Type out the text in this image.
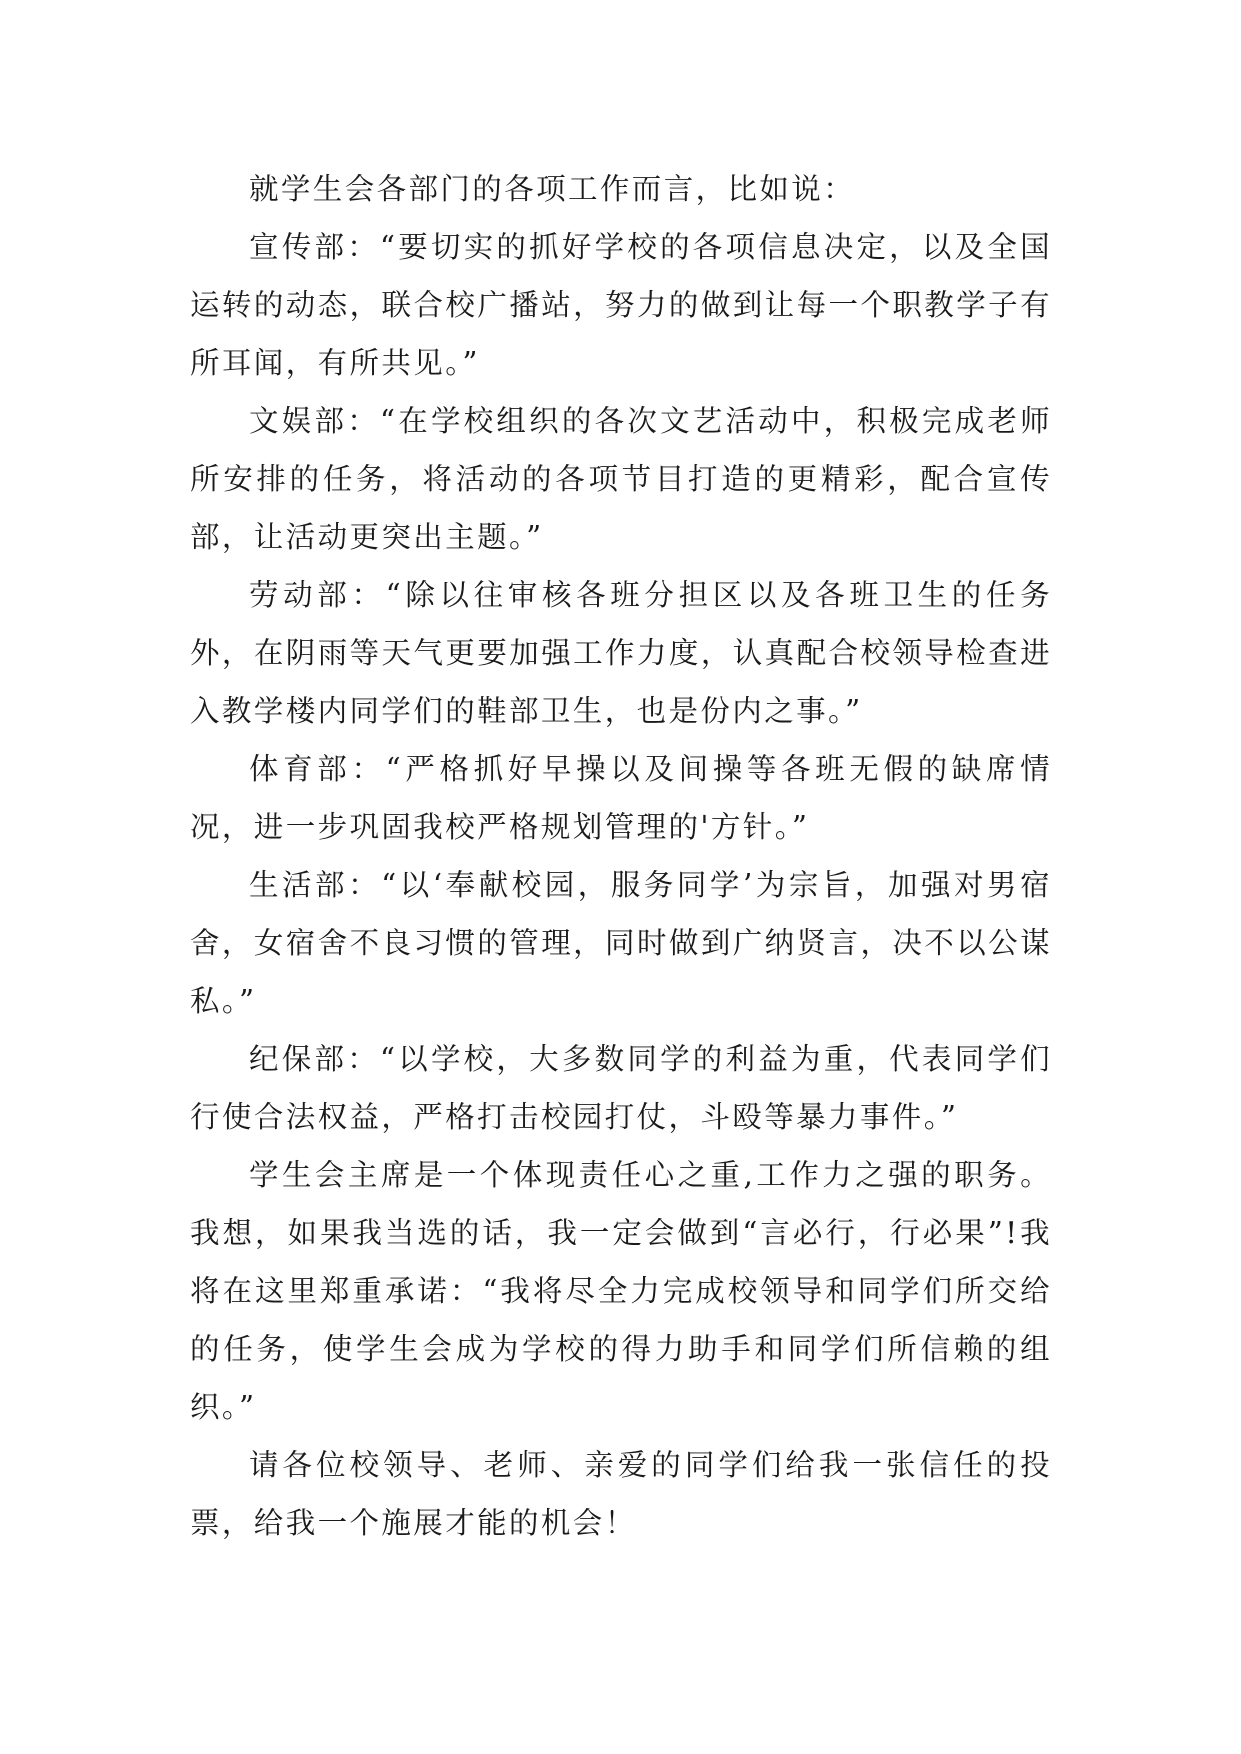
就学生会各部门的各项工作而言，比如说：

宣传部：“要切实的抓好学校的各项信息决定，以及全国运转的动态，联合校广播站，努力的做到让每一个职教学子有所耳闻，有所共见。”

文娱部：“在学校组织的各次文艺活动中，积极完成老师所安排的任务，将活动的各项节目打造的更精彩，配合宣传部，让活动更突出主题。”

劳动部：“除以往审核各班分担区以及各班卫生的任务外，在阴雨等天气更要加强工作力度，认真配合校领导检查进入教学楼内同学们的鞋部卫生，也是份内之事。”

体育部：“严格抓好早操以及间操等各班无假的缺席情况，进一步巩固我校严格规划管理的'方针。”

生活部：“以‘奉献校园，服务同学’为宗旨，加强对男宿舍，女宿舍不良习惯的管理，同时做到广纳贤言，决不以公谋私。”

纪保部：“以学校，大多数同学的利益为重，代表同学们行使合法权益，严格打击校园打仗，斗殴等暴力事件。”

学生会主席是一个体现责任心之重,工作力之强的职务。我想，如果我当选的话，我一定会做到“言必行，行必果”!我将在这里郑重承诺：“我将尽全力完成校领导和同学们所交给的任务，使学生会成为学校的得力助手和同学们所信赖的组织。”

请各位校领导、老师、亲爱的同学们给我一张信任的投票，给我一个施展才能的机会！
